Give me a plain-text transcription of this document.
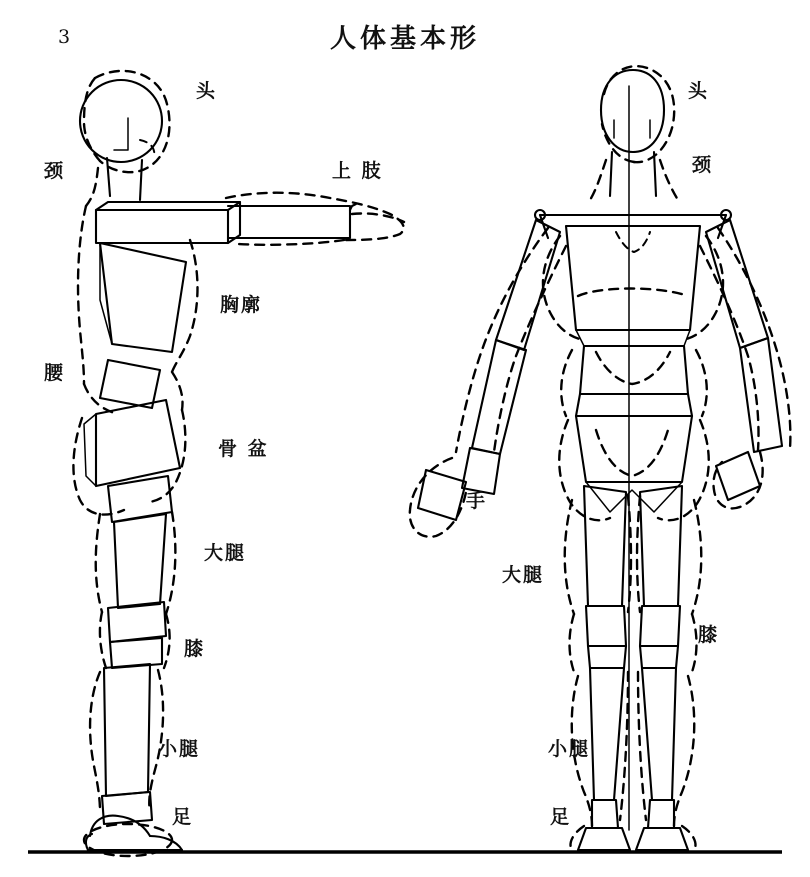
3	人体基本形
头
颈	上 肢
胸廓
腰
骨 盆
大腿
膝
小腿
足
头
颈
手
大腿
膝
小腿
足
